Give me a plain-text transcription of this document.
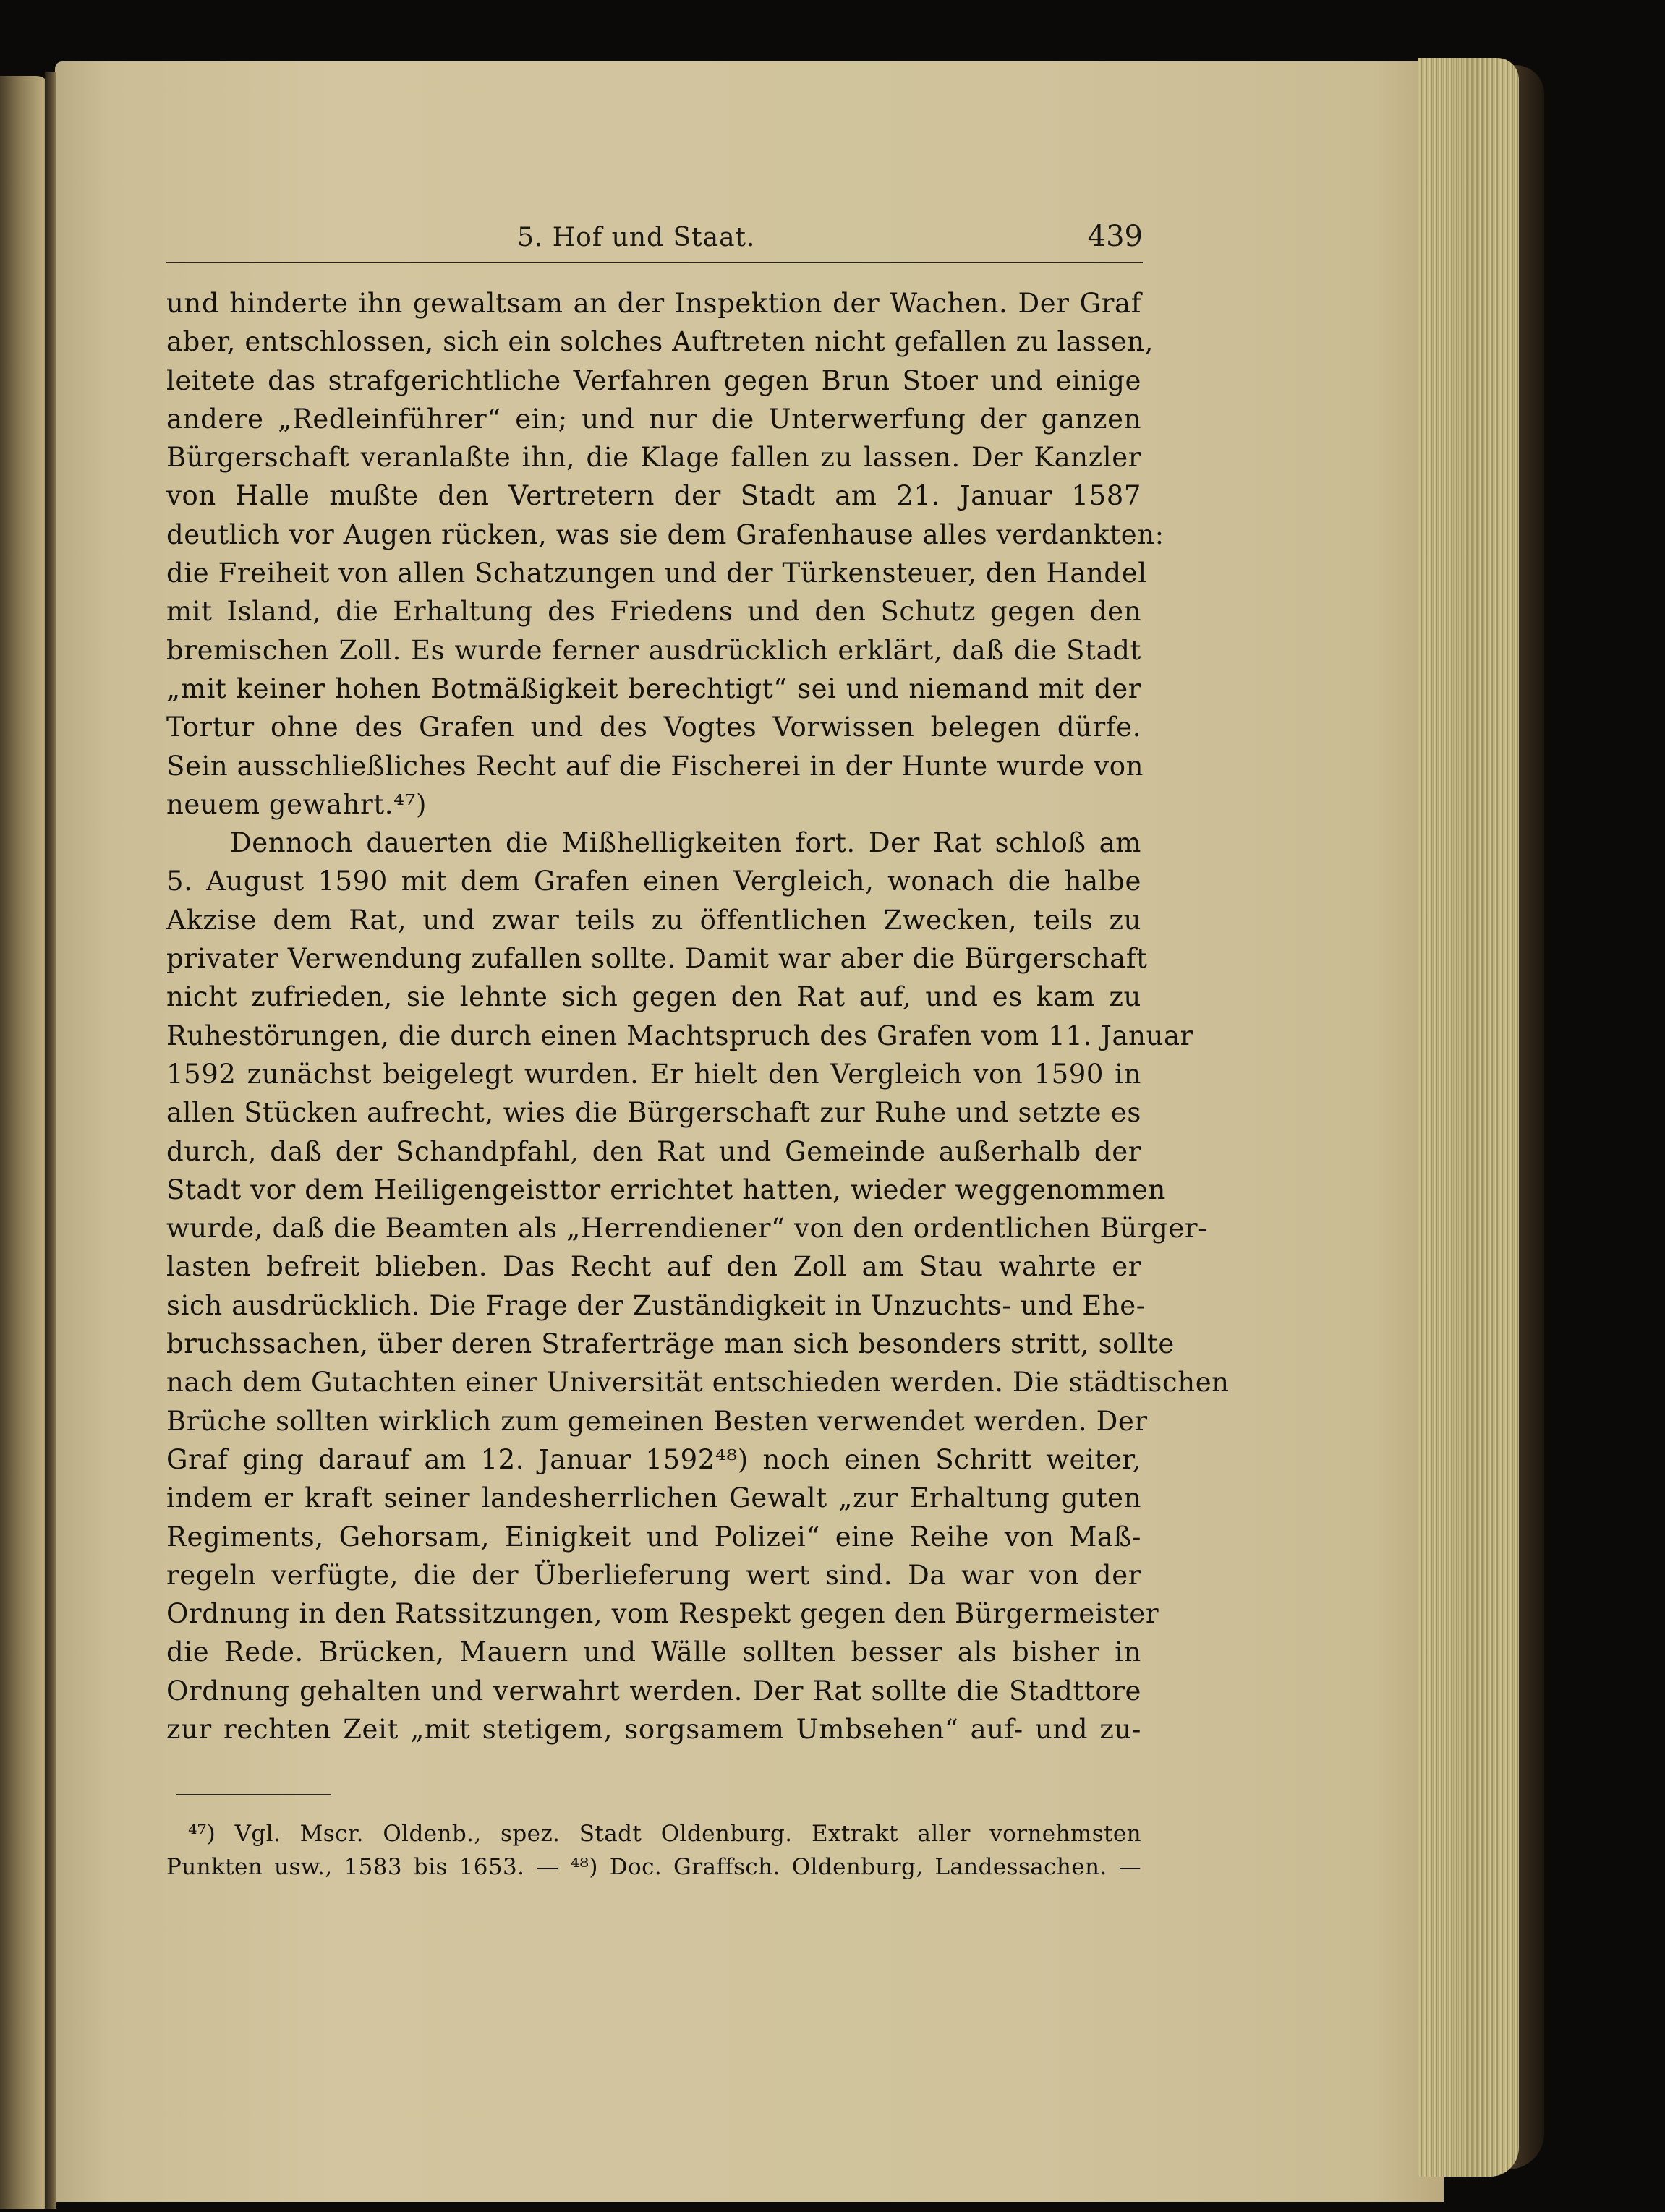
5. Hof und Staat.	439
und hinderte ihn gewaltsam an der Inspektion der Wachen. Der Graf
aber, entschlossen, sich ein solches Auftreten nicht gefallen zu lassen,
leitete das strafgerichtliche Verfahren gegen Brun Stoer und einige
andere „Redleinführer“ ein; und nur die Unterwerfung der ganzen
Bürgerschaft veranlaßte ihn, die Klage fallen zu lassen. Der Kanzler
von Halle mußte den Vertretern der Stadt am 21. Januar 1587
deutlich vor Augen rücken, was sie dem Grafenhause alles verdankten:
die Freiheit von allen Schatzungen und der Türkensteuer, den Handel
mit Island, die Erhaltung des Friedens und den Schutz gegen den
bremischen Zoll. Es wurde ferner ausdrücklich erklärt, daß die Stadt
„mit keiner hohen Botmäßigkeit berechtigt“ sei und niemand mit der
Tortur ohne des Grafen und des Vogtes Vorwissen belegen dürfe.
Sein ausschließliches Recht auf die Fischerei in der Hunte wurde von
neuem gewahrt.⁴⁷)
Dennoch dauerten die Mißhelligkeiten fort. Der Rat schloß am
5. August 1590 mit dem Grafen einen Vergleich, wonach die halbe
Akzise dem Rat, und zwar teils zu öffentlichen Zwecken, teils zu
privater Verwendung zufallen sollte. Damit war aber die Bürgerschaft
nicht zufrieden, sie lehnte sich gegen den Rat auf, und es kam zu
Ruhestörungen, die durch einen Machtspruch des Grafen vom 11. Januar
1592 zunächst beigelegt wurden. Er hielt den Vergleich von 1590 in
allen Stücken aufrecht, wies die Bürgerschaft zur Ruhe und setzte es
durch, daß der Schandpfahl, den Rat und Gemeinde außerhalb der
Stadt vor dem Heiligengeisttor errichtet hatten, wieder weggenommen
wurde, daß die Beamten als „Herrendiener“ von den ordentlichen Bürger-
lasten befreit blieben. Das Recht auf den Zoll am Stau wahrte er
sich ausdrücklich. Die Frage der Zuständigkeit in Unzuchts- und Ehe-
bruchssachen, über deren Straferträge man sich besonders stritt, sollte
nach dem Gutachten einer Universität entschieden werden. Die städtischen
Brüche sollten wirklich zum gemeinen Besten verwendet werden. Der
Graf ging darauf am 12. Januar 1592⁴⁸) noch einen Schritt weiter,
indem er kraft seiner landesherrlichen Gewalt „zur Erhaltung guten
Regiments, Gehorsam, Einigkeit und Polizei“ eine Reihe von Maß-
regeln verfügte, die der Überlieferung wert sind. Da war von der
Ordnung in den Ratssitzungen, vom Respekt gegen den Bürgermeister
die Rede. Brücken, Mauern und Wälle sollten besser als bisher in
Ordnung gehalten und verwahrt werden. Der Rat sollte die Stadttore
zur rechten Zeit „mit stetigem, sorgsamem Umbsehen“ auf- und zu-
⁴⁷) Vgl. Mscr. Oldenb., spez. Stadt Oldenburg. Extrakt aller vornehmsten
Punkten usw., 1583 bis 1653. — ⁴⁸) Doc. Graffsch. Oldenburg, Landessachen. —
